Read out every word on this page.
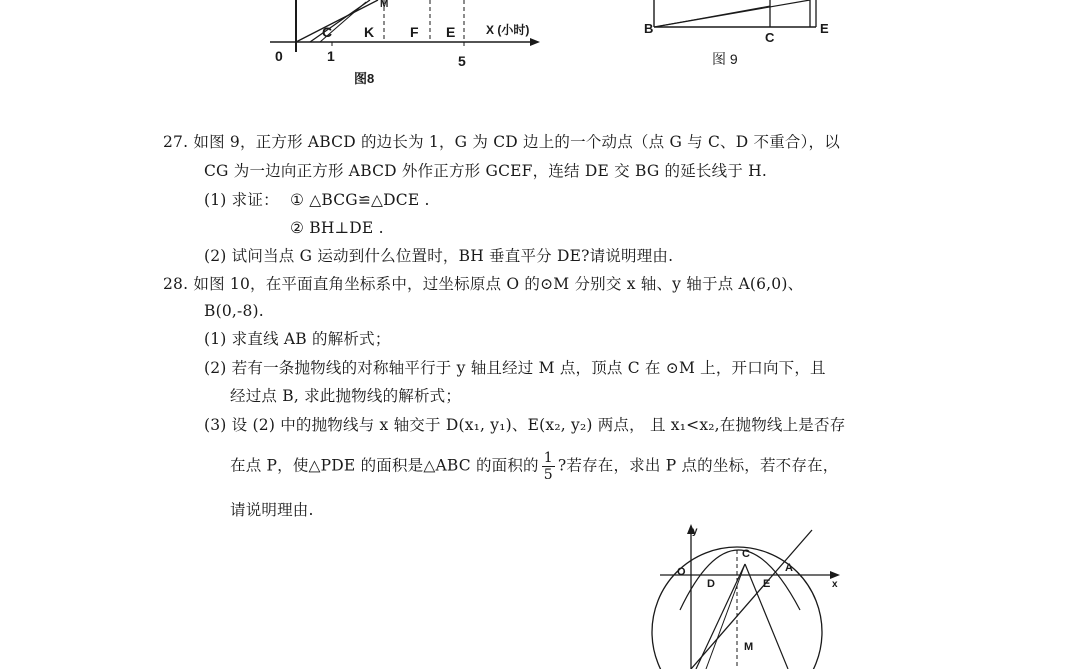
M
C K	F E	X (小时)
0	1	5
图8
B
C
E
图 9
27. 如图 9，正方形 ABCD 的边长为 1，G 为 CD 边上的一个动点（点 G 与 C、D 不重合），以
CG 为一边向正方形 ABCD 外作正方形 GCEF，连结 DE 交 BG 的延长线于 H.
(1) 求证： ① △BCG≌△DCE .
② BH⊥DE .
(2) 试问当点 G 运动到什么位置时，BH 垂直平分 DE?请说明理由.
28. 如图 10，在平面直角坐标系中，过坐标原点 O 的⊙M 分别交 x 轴、y 轴于点 A(6,0)、
B(0,-8).
(1) 求直线 AB 的解析式；
(2) 若有一条抛物线的对称轴平行于 y 轴且经过 M 点，顶点 C 在 ⊙M 上，开口向下，且
经过点 B, 求此抛物线的解析式；
(3) 设 (2) 中的抛物线与 x 轴交于 D(x₁, y₁)、E(x₂, y₂) 两点， 且 x₁<x₂,在抛物线上是否存
在点 P，使△PDE 的面积是△ABC 的面积的 $\frac{1}{5}$ ?若存在，求出 P 点的坐标，若不存在，
请说明理由.
y
C
O
D	E
A
x
M
